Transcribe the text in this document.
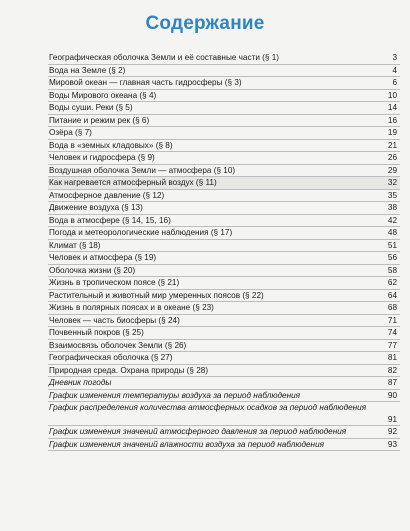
Содержание
Географическая оболочка Земли и её составные части (§ 1)	3
Вода на Земле (§ 2)	4
Мировой океан — главная часть гидросферы (§ 3)	6
Воды Мирового океана (§ 4)	10
Воды суши. Реки (§ 5)	14
Питание и режим рек (§ 6)	16
Озёра (§ 7)	19
Вода в «земных кладовых» (§ 8)	21
Человек и гидросфера (§ 9)	26
Воздушная оболочка Земли — атмосфера (§ 10)	29
Как нагревается атмосферный воздух (§ 11)	32
Атмосферное давление (§ 12)	35
Движение воздуха (§ 13)	38
Вода в атмосфере (§ 14, 15, 16)	42
Погода и метеорологические наблюдения (§ 17)	48
Климат (§ 18)	51
Человек и атмосфера (§ 19)	56
Оболочка жизни (§ 20)	58
Жизнь в тропическом поясе (§ 21)	62
Растительный и животный мир умеренных поясов (§ 22)	64
Жизнь в полярных поясах и в океане (§ 23)	68
Человек — часть биосферы (§ 24)	71
Почвенный покров (§ 25)	74
Взаимосвязь оболочек Земли (§ 26)	77
Географическая оболочка (§ 27)	81
Природная среда. Охрана природы (§ 28)	82
Дневник погоды	87
График изменения температуры воздуха за период наблюдения	90
График распределения количества атмосферных осадков за период наблюдения
91
График изменения значений атмосферного давления за период наблюдения	92
График изменения значений влажности воздуха за период наблюдения	93
